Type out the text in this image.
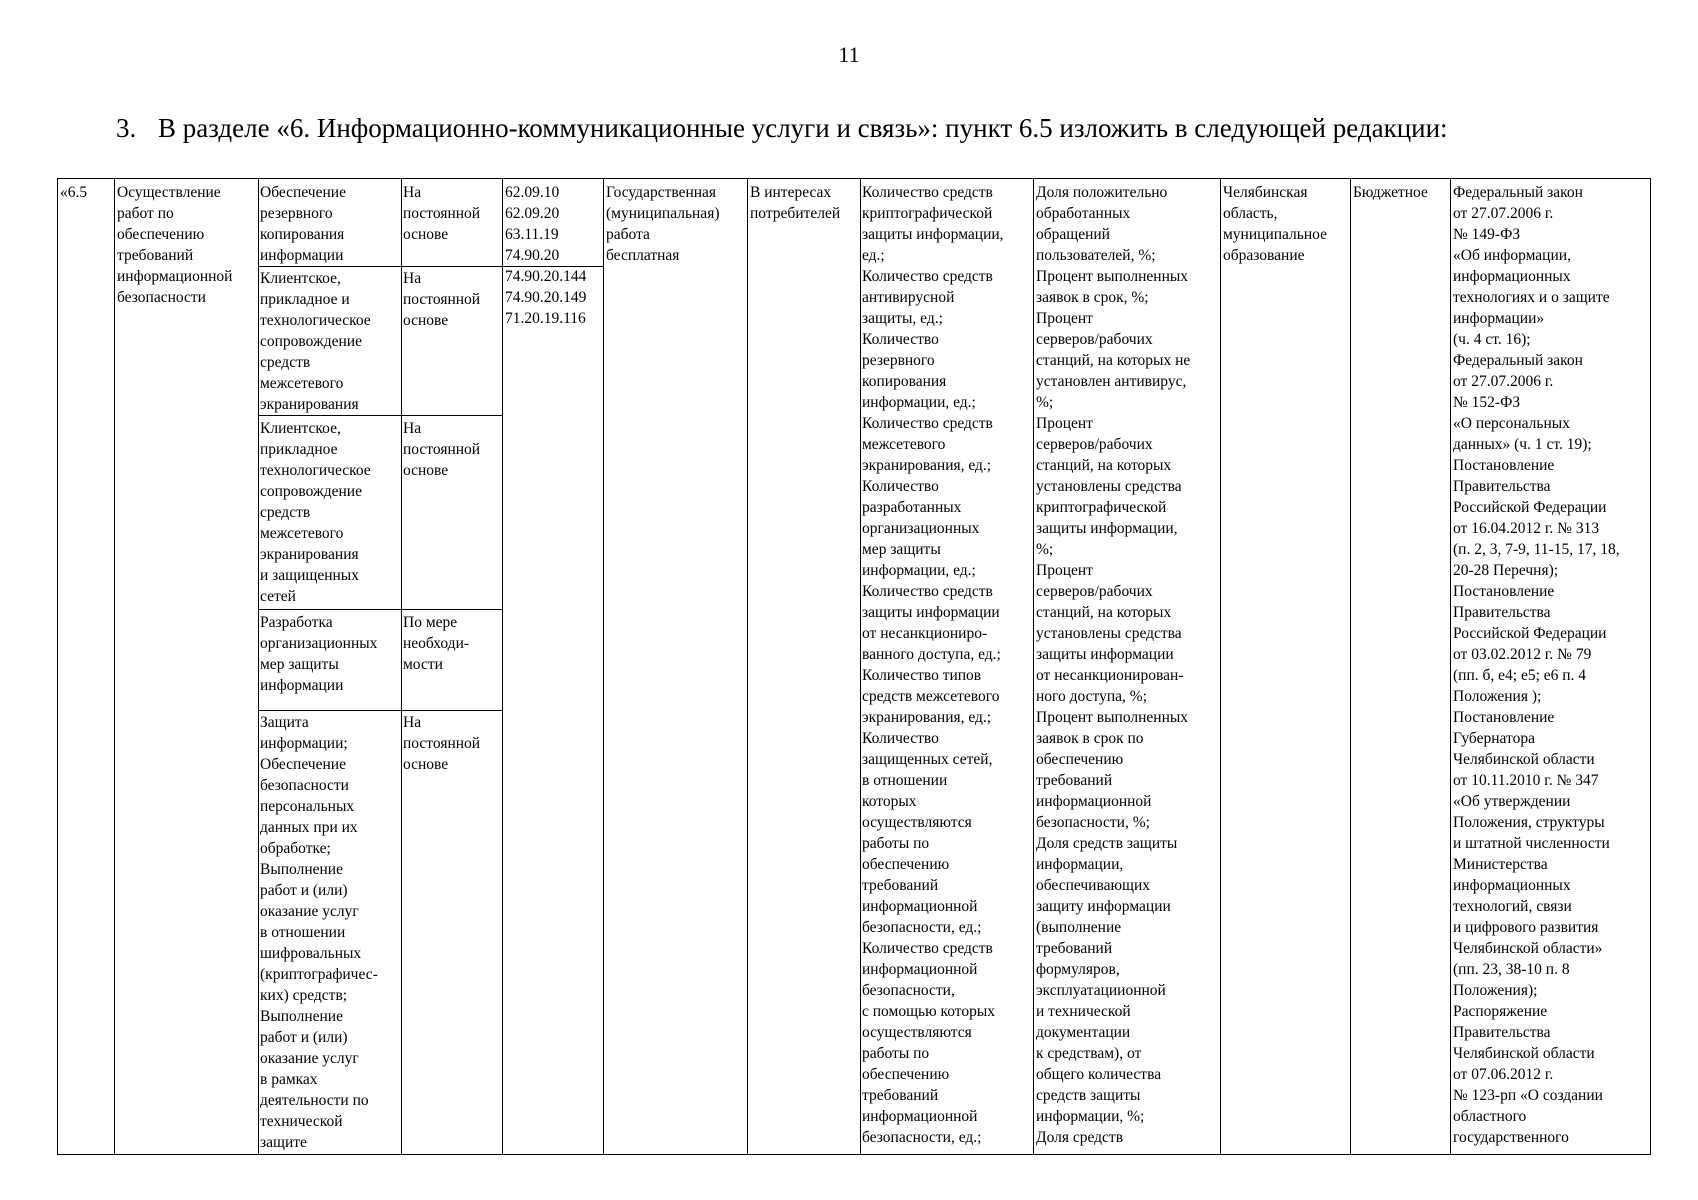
11
3. В разделе «6. Информационно-коммуникационные услуги и связь»: пункт 6.5 изложить в следующей редакции:
«6.5	Осуществление
работ по
обеспечению
требований
информационной
безопасности
Обеспечение
резервного
копирования
информации
На
постоянной
основе
Клиентское,
прикладное и
технологическое
сопровождение
средств
межсетевого
экранирования
На
постоянной
основе
Клиентское,
прикладное
технологическое
сопровождение
средств
межсетевого
экранирования
и защищенных
сетей
На
постоянной
основе
Разработка
организационных
мер защиты
информации
По мере
необходи-
мости
Защита
информации;
Обеспечение
безопасности
персональных
данных при их
обработке;
Выполнение
работ и (или)
оказание услуг
в отношении
шифровальных
(криптографичес-
ких) средств;
Выполнение
работ и (или)
оказание услуг
в рамках
деятельности по
технической
защите
На
постоянной
основе
62.09.10
62.09.20
63.11.19
74.90.20
74.90.20.144
74.90.20.149
71.20.19.116
Государственная
(муниципальная)
работа
бесплатная
В интересах
потребителей
Количество средств
криптографической
защиты информации,
ед.;
Количество средств
антивирусной
защиты, ед.;
Количество
резервного
копирования
информации, ед.;
Количество средств
межсетевого
экранирования, ед.;
Количество
разработанных
организационных
мер защиты
информации, ед.;
Количество средств
защиты информации
от несанкциониро-
ванного доступа, ед.;
Количество типов
средств межсетевого
экранирования, ед.;
Количество
защищенных сетей,
в отношении
которых
осуществляются
работы по
обеспечению
требований
информационной
безопасности, ед.;
Количество средств
информационной
безопасности,
с помощью которых
осуществляются
работы по
обеспечению
требований
информационной
безопасности, ед.;
Доля положительно
обработанных
обращений
пользователей, %;
Процент выполненных
заявок в срок, %;
Процент
серверов/рабочих
станций, на которых не
установлен антивирус,
%;
Процент
серверов/рабочих
станций, на которых
установлены средства
криптографической
защиты информации,
%;
Процент
серверов/рабочих
станций, на которых
установлены средства
защиты информации
от несанкционирован-
ного доступа, %;
Процент выполненных
заявок в срок по
обеспечению
требований
информационной
безопасности, %;
Доля средств защиты
информации,
обеспечивающих
защиту информации
(выполнение
требований
формуляров,
эксплуатациионной
и технической
документации
к средствам), от
общего количества
средств защиты
информации, %;
Доля средств
Челябинская
область,
муниципальное
образование
Бюджетное	Федеральный закон
от 27.07.2006 г.
№ 149-ФЗ
«Об информации,
информационных
технологиях и о защите
информации»
(ч. 4 ст. 16);
Федеральный закон
от 27.07.2006 г.
№ 152-ФЗ
«О персональных
данных» (ч. 1 ст. 19);
Постановление
Правительства
Российской Федерации
от 16.04.2012 г. № 313
(п. 2, 3, 7-9, 11-15, 17, 18,
20-28 Перечня);
Постановление
Правительства
Российской Федерации
от 03.02.2012 г. № 79
(пп. б, е4; е5; е6 п. 4
Положения );
Постановление
Губернатора
Челябинской области
от 10.11.2010 г. № 347
«Об утверждении
Положения, структуры
и штатной численности
Министерства
информационных
технологий, связи
и цифрового развития
Челябинской области»
(пп. 23, 38-10 п. 8
Положения);
Распоряжение
Правительства
Челябинской области
от 07.06.2012 г.
№ 123-рп «О создании
областного
государственного
